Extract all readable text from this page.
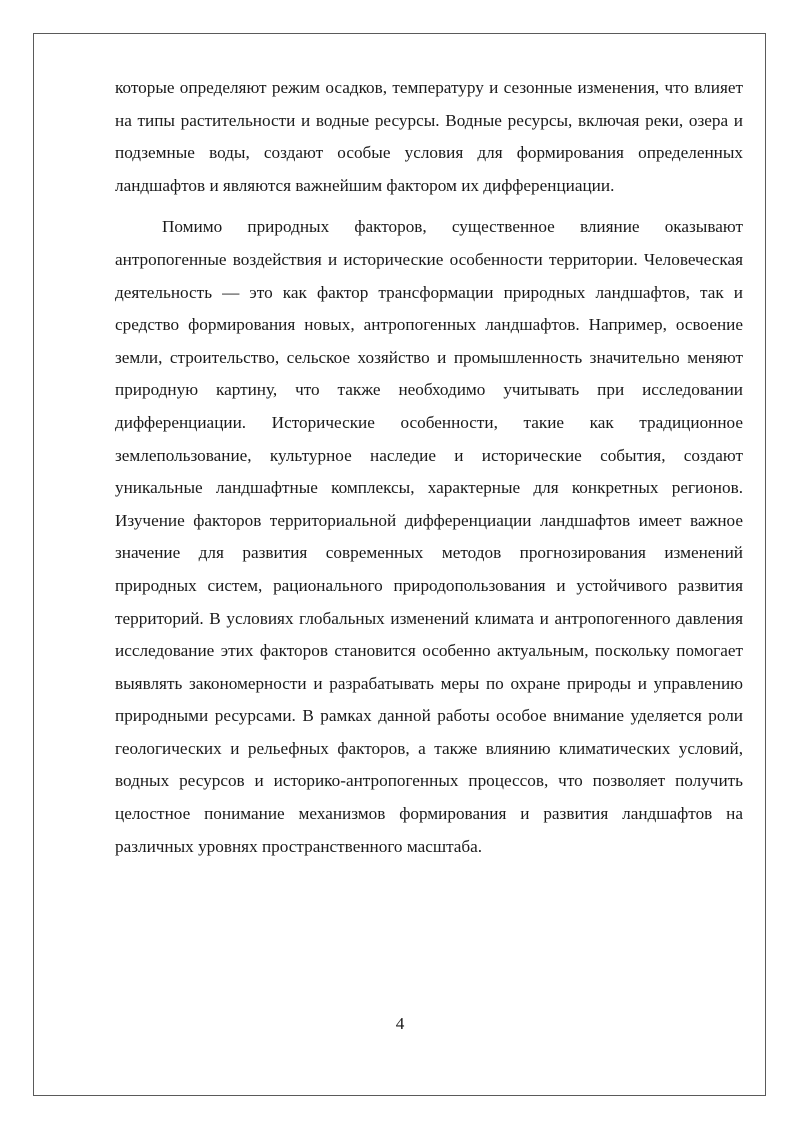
которые определяют режим осадков, температуру и сезонные изменения, что влияет на типы растительности и водные ресурсы. Водные ресурсы, включая реки, озера и подземные воды, создают особые условия для формирования определенных ландшафтов и являются важнейшим фактором их дифференциации.

Помимо природных факторов, существенное влияние оказывают антропогенные воздействия и исторические особенности территории. Человеческая деятельность — это как фактор трансформации природных ландшафтов, так и средство формирования новых, антропогенных ландшафтов. Например, освоение земли, строительство, сельское хозяйство и промышленность значительно меняют природную картину, что также необходимо учитывать при исследовании дифференциации. Исторические особенности, такие как традиционное землепользование, культурное наследие и исторические события, создают уникальные ландшафтные комплексы, характерные для конкретных регионов. Изучение факторов территориальной дифференциации ландшафтов имеет важное значение для развития современных методов прогнозирования изменений природных систем, рационального природопользования и устойчивого развития территорий. В условиях глобальных изменений климата и антропогенного давления исследование этих факторов становится особенно актуальным, поскольку помогает выявлять закономерности и разрабатывать меры по охране природы и управлению природными ресурсами. В рамках данной работы особое внимание уделяется роли геологических и рельефных факторов, а также влиянию климатических условий, водных ресурсов и историко-антропогенных процессов, что позволяет получить целостное понимание механизмов формирования и развития ландшафтов на различных уровнях пространственного масштаба.

4
